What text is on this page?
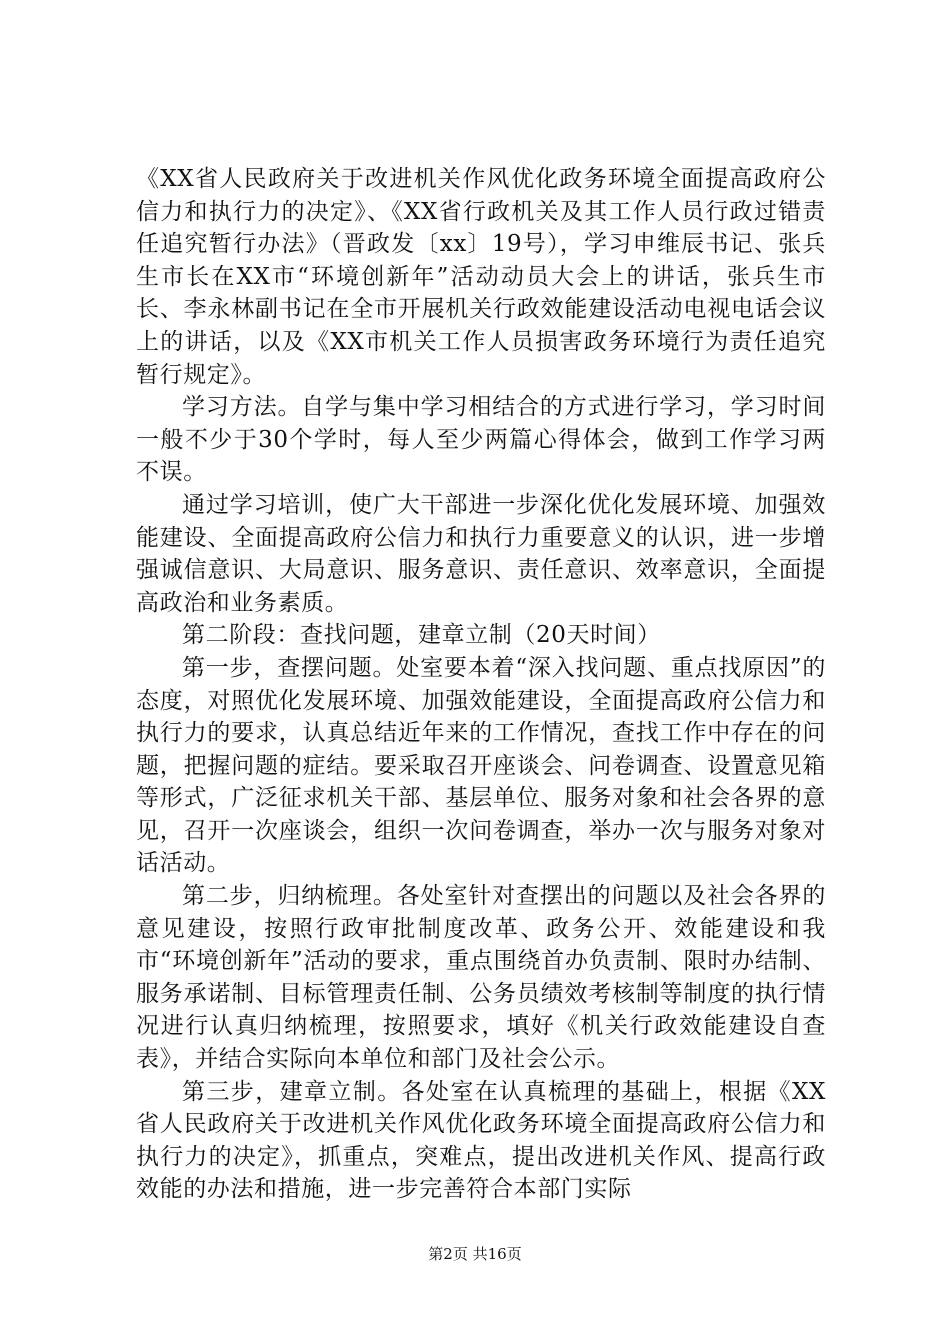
《XX省人民政府关于改进机关作风优化政务环境全面提高政府公信力和执行力的决定》、《XX省行政机关及其工作人员行政过错责任追究暂行办法》（晋政发〔xx〕19号），学习申维辰书记、张兵生市长在XX市“环境创新年”活动动员大会上的讲话，张兵生市长、李永林副书记在全市开展机关行政效能建设活动电视电话会议上的讲话，以及《XX市机关工作人员损害政务环境行为责任追究暂行规定》。

学习方法。自学与集中学习相结合的方式进行学习，学习时间一般不少于30个学时，每人至少两篇心得体会，做到工作学习两不误。

通过学习培训，使广大干部进一步深化优化发展环境、加强效能建设、全面提高政府公信力和执行力重要意义的认识，进一步增强诚信意识、大局意识、服务意识、责任意识、效率意识，全面提高政治和业务素质。

第二阶段：查找问题，建章立制（20天时间）

第一步，查摆问题。处室要本着“深入找问题、重点找原因”的态度，对照优化发展环境、加强效能建设，全面提高政府公信力和执行力的要求，认真总结近年来的工作情况，查找工作中存在的问题，把握问题的症结。要采取召开座谈会、问卷调查、设置意见箱等形式，广泛征求机关干部、基层单位、服务对象和社会各界的意见，召开一次座谈会，组织一次问卷调查，举办一次与服务对象对话活动。

第二步，归纳梳理。各处室针对查摆出的问题以及社会各界的意见建设，按照行政审批制度改革、政务公开、效能建设和我市“环境创新年”活动的要求，重点围绕首办负责制、限时办结制、服务承诺制、目标管理责任制、公务员绩效考核制等制度的执行情况进行认真归纳梳理，按照要求，填好《机关行政效能建设自查表》，并结合实际向本单位和部门及社会公示。

第三步，建章立制。各处室在认真梳理的基础上，根据《XX省人民政府关于改进机关作风优化政务环境全面提高政府公信力和执行力的决定》，抓重点，突难点，提出改进机关作风、提高行政效能的办法和措施，进一步完善符合本部门实际

第2页 共16页
